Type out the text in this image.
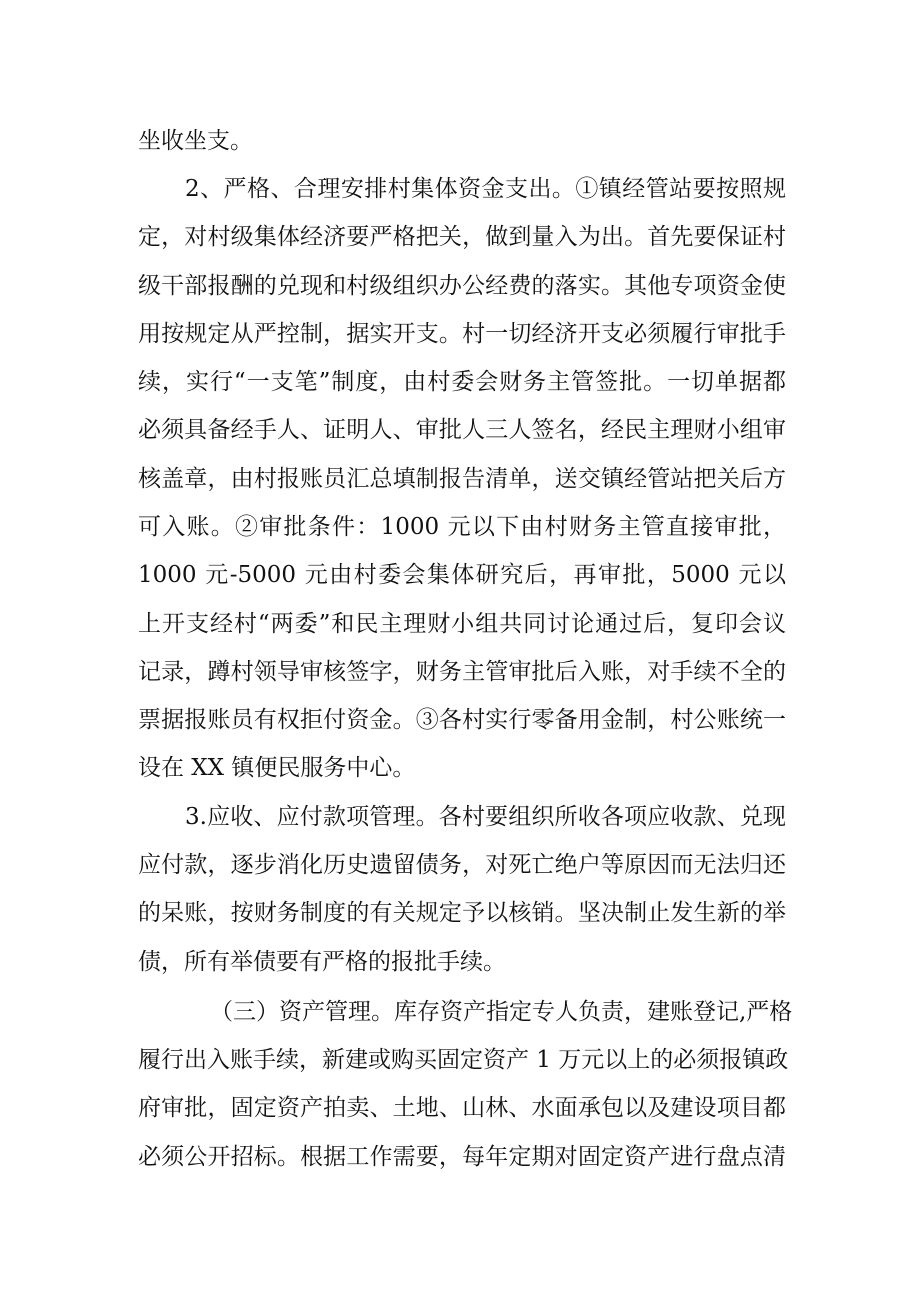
坐收坐支。
2、严格、合理安排村集体资金支出。①镇经管站要按照规
定，对村级集体经济要严格把关，做到量入为出。首先要保证村
级干部报酬的兑现和村级组织办公经费的落实。其他专项资金使
用按规定从严控制，据实开支。村一切经济开支必须履行审批手
续，实行“一支笔”制度，由村委会财务主管签批。一切单据都
必须具备经手人、证明人、审批人三人签名，经民主理财小组审
核盖章，由村报账员汇总填制报告清单，送交镇经管站把关后方
可入账。②审批条件：1000 元以下由村财务主管直接审批，
1000 元-5000 元由村委会集体研究后，再审批，5000 元以
上开支经村“两委”和民主理财小组共同讨论通过后，复印会议
记录，蹲村领导审核签字，财务主管审批后入账，对手续不全的
票据报账员有权拒付资金。③各村实行零备用金制，村公账统一
设在 XX 镇便民服务中心。
3.应收、应付款项管理。各村要组织所收各项应收款、兑现
应付款，逐步消化历史遗留债务，对死亡绝户等原因而无法归还
的呆账，按财务制度的有关规定予以核销。坚决制止发生新的举
债，所有举债要有严格的报批手续。
（三）资产管理。库存资产指定专人负责，建账登记,严格
履行出入账手续，新建或购买固定资产 1 万元以上的必须报镇政
府审批，固定资产拍卖、土地、山林、水面承包以及建设项目都
必须公开招标。根据工作需要，每年定期对固定资产进行盘点清
